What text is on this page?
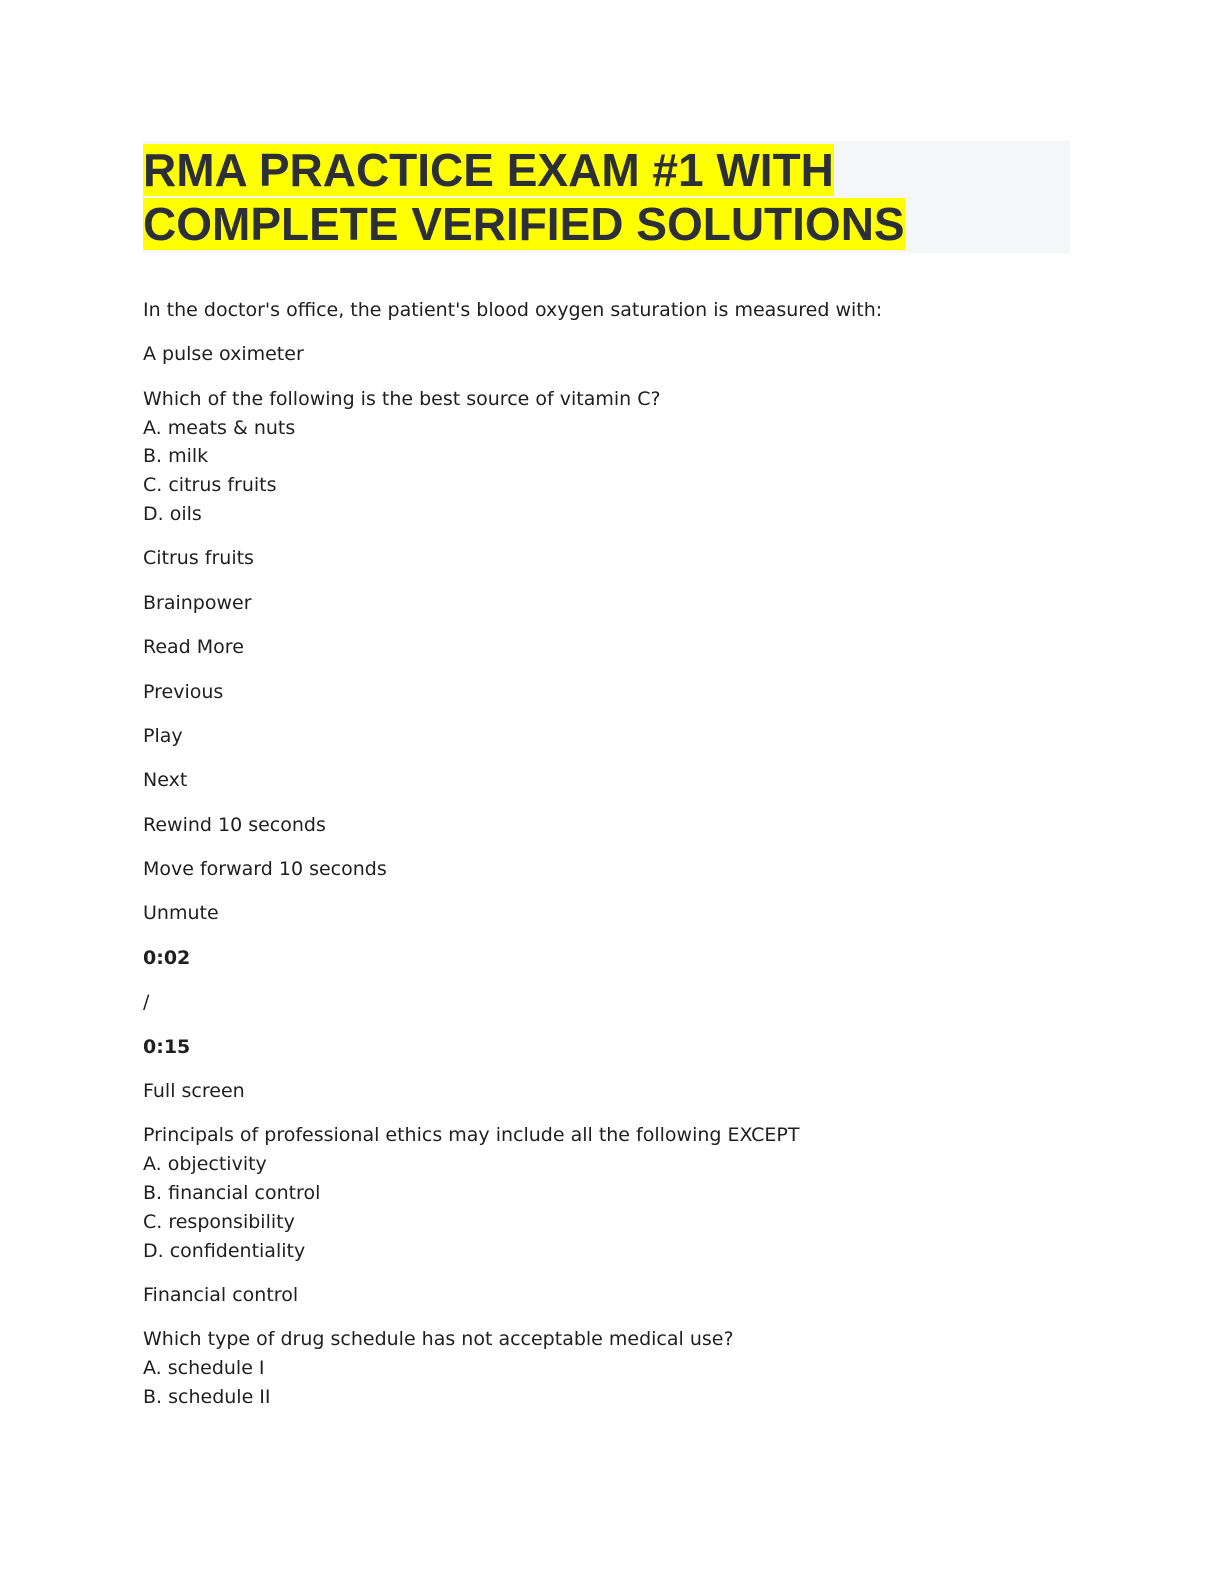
RMA PRACTICE EXAM #1 WITH
COMPLETE VERIFIED SOLUTIONS

In the doctor's office, the patient's blood oxygen saturation is measured with:

A pulse oximeter

Which of the following is the best source of vitamin C?
A. meats & nuts
B. milk
C. citrus fruits
D. oils

Citrus fruits

Brainpower

Read More

Previous

Play

Next

Rewind 10 seconds

Move forward 10 seconds

Unmute

0:02

/

0:15

Full screen

Principals of professional ethics may include all the following EXCEPT
A. objectivity
B. financial control
C. responsibility
D. confidentiality

Financial control

Which type of drug schedule has not acceptable medical use?
A. schedule I
B. schedule II
